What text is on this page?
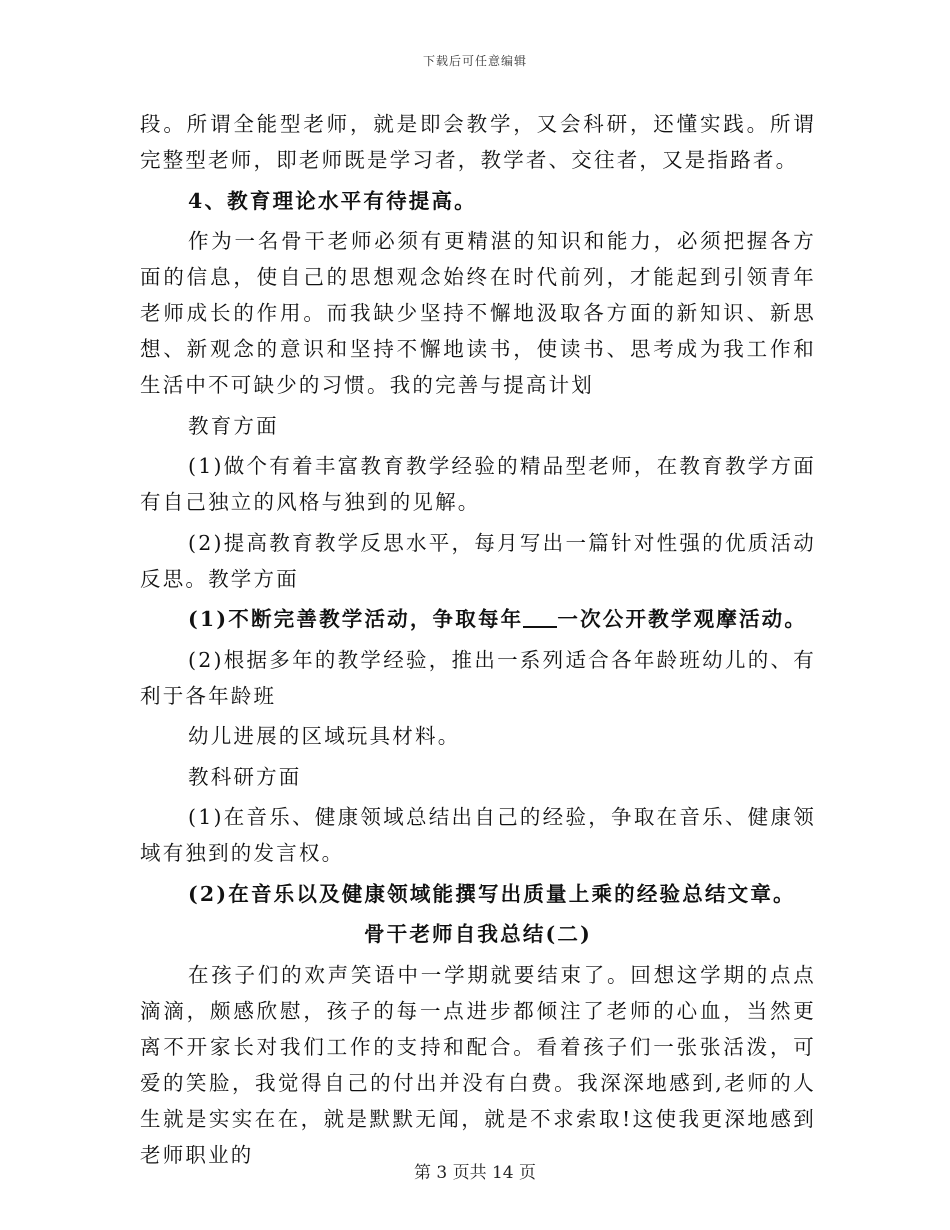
下载后可任意编辑

段。所谓全能型老师，就是即会教学，又会科研，还懂实践。所谓完整型老师，即老师既是学习者，教学者、交往者，又是指路者。

4、教育理论水平有待提高。

作为一名骨干老师必须有更精湛的知识和能力，必须把握各方面的信息，使自己的思想观念始终在时代前列，才能起到引领青年老师成长的作用。而我缺少坚持不懈地汲取各方面的新知识、新思想、新观念的意识和坚持不懈地读书，使读书、思考成为我工作和生活中不可缺少的习惯。我的完善与提高计划

教育方面

(1)做个有着丰富教育教学经验的精品型老师，在教育教学方面有自己独立的风格与独到的见解。

(2)提高教育教学反思水平，每月写出一篇针对性强的优质活动反思。教学方面

(1)不断完善教学活动，争取每年 一次公开教学观摩活动。

(2)根据多年的教学经验，推出一系列适合各年龄班幼儿的、有利于各年龄班

幼儿进展的区域玩具材料。

教科研方面

(1)在音乐、健康领域总结出自己的经验，争取在音乐、健康领域有独到的发言权。

(2)在音乐以及健康领域能撰写出质量上乘的经验总结文章。

骨干老师自我总结(二)

在孩子们的欢声笑语中一学期就要结束了。回想这学期的点点滴滴，颇感欣慰，孩子的每一点进步都倾注了老师的心血，当然更离不开家长对我们工作的支持和配合。看着孩子们一张张活泼，可爱的笑脸，我觉得自己的付出并没有白费。我深深地感到,老师的人生就是实实在在，就是默默无闻，就是不求索取!这使我更深地感到老师职业的

第 3 页共 14 页
